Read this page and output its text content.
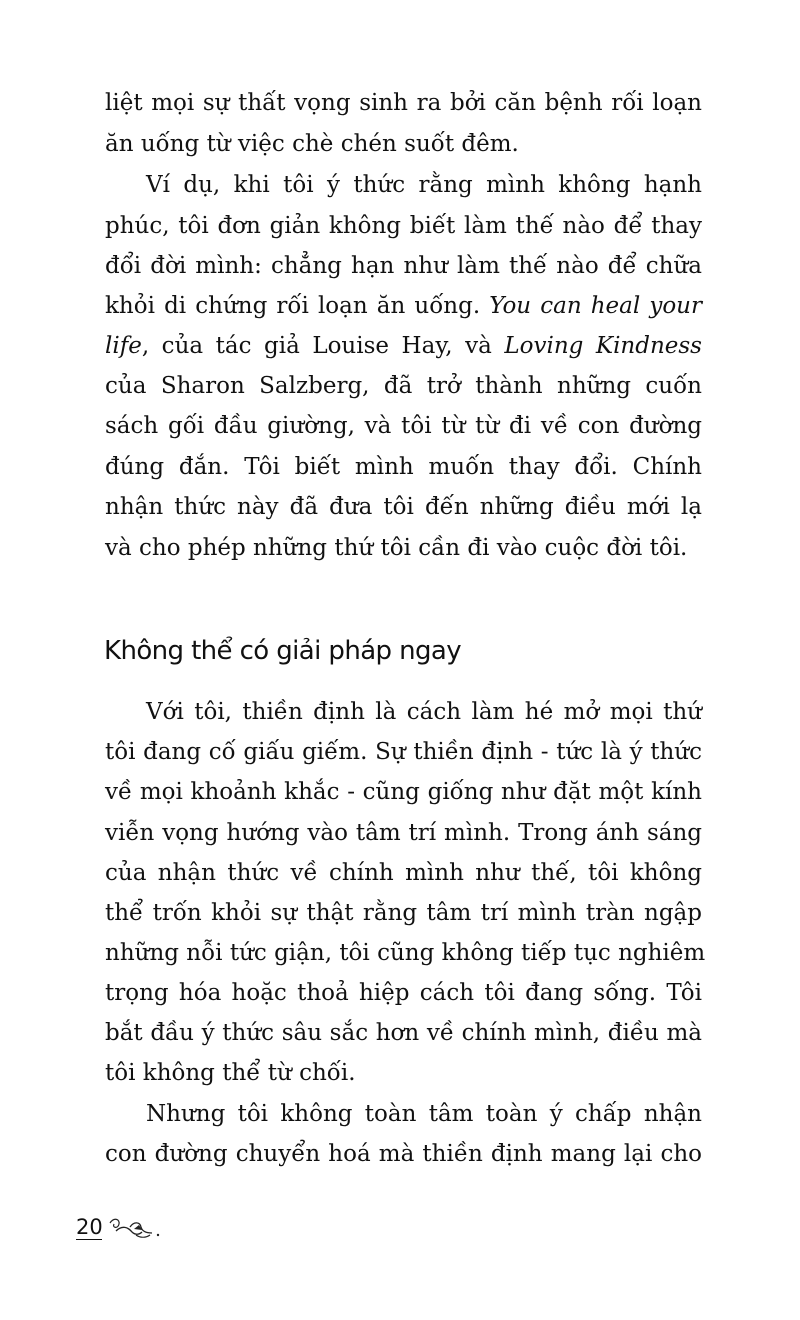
liệt mọi sự thất vọng sinh ra bởi căn bệnh rối loạn

ăn uống từ việc chè chén suốt đêm.

Ví dụ, khi tôi ý thức rằng mình không hạnh

phúc, tôi đơn giản không biết làm thế nào để thay

đổi đời mình: chẳng hạn như làm thế nào để chữa

khỏi di chứng rối loạn ăn uống. You can heal your

life, của tác giả Louise Hay, và Loving Kindness

của Sharon Salzberg, đã trở thành những cuốn

sách gối đầu giường, và tôi từ từ đi về con đường

đúng đắn. Tôi biết mình muốn thay đổi. Chính

nhận thức này đã đưa tôi đến những điều mới lạ

và cho phép những thứ tôi cần đi vào cuộc đời tôi.

Không thể có giải pháp ngay

Với tôi, thiền định là cách làm hé mở mọi thứ

tôi đang cố giấu giếm. Sự thiền định - tức là ý thức

về mọi khoảnh khắc - cũng giống như đặt một kính

viễn vọng hướng vào tâm trí mình. Trong ánh sáng

của nhận thức về chính mình như thế, tôi không

thể trốn khỏi sự thật rằng tâm trí mình tràn ngập

những nỗi tức giận, tôi cũng không tiếp tục nghiêm

trọng hóa hoặc thoả hiệp cách tôi đang sống. Tôi

bắt đầu ý thức sâu sắc hơn về chính mình, điều mà

tôi không thể từ chối.

Nhưng tôi không toàn tâm toàn ý chấp nhận

con đường chuyển hoá mà thiền định mang lại cho

20
